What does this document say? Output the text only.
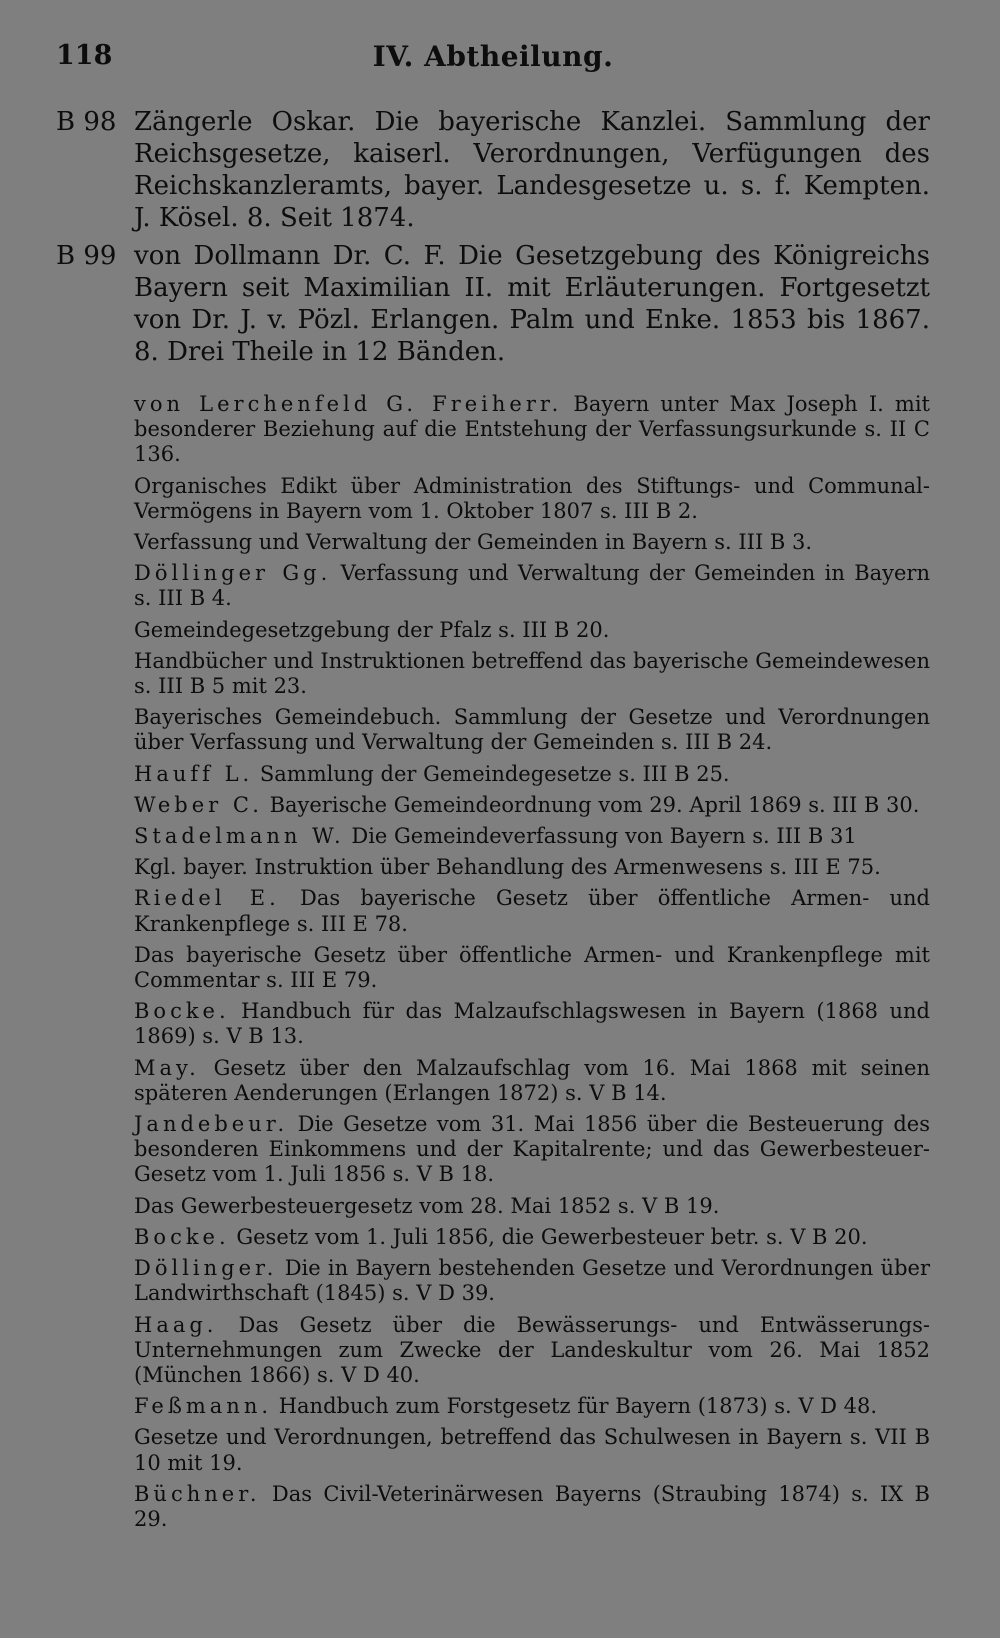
118	IV. Abtheilung.
B 98 Zängerle Oskar. Die bayerische Kanzlei. Sammlung der Reichsgesetze, kaiserl. Verordnungen, Verfügungen des Reichskanzleramts, bayer. Landesgesetze u. s. f. Kempten. J. Kösel. 8. Seit 1874.
B 99 von Dollmann Dr. C. F. Die Gesetzgebung des Königreichs Bayern seit Maximilian II. mit Erläuterungen. Fortgesetzt von Dr. J. v. Pözl. Erlangen. Palm und Enke. 1853 bis 1867. 8. Drei Theile in 12 Bänden.
von Lerchenfeld G. Freiherr. Bayern unter Max Joseph I. mit besonderer Beziehung auf die Entstehung der Verfassungsurkunde s. II C 136.
Organisches Edikt über Administration des Stiftungs- und Communal-Vermögens in Bayern vom 1. Oktober 1807 s. III B 2.
Verfassung und Verwaltung der Gemeinden in Bayern s. III B 3.
Döllinger Gg. Verfassung und Verwaltung der Gemeinden in Bayern s. III B 4.
Gemeindegesetzgebung der Pfalz s. III B 20.
Handbücher und Instruktionen betreffend das bayerische Gemeindewesen s. III B 5 mit 23.
Bayerisches Gemeindebuch. Sammlung der Gesetze und Verordnungen über Verfassung und Verwaltung der Gemeinden s. III B 24.
Hauff L. Sammlung der Gemeindegesetze s. III B 25.
Weber C. Bayerische Gemeindeordnung vom 29. April 1869 s. III B 30.
Stadelmann W. Die Gemeindeverfassung von Bayern s. III B 31
Kgl. bayer. Instruktion über Behandlung des Armenwesens s. III E 75.
Riedel E. Das bayerische Gesetz über öffentliche Armen- und Krankenpflege s. III E 78.
Das bayerische Gesetz über öffentliche Armen- und Krankenpflege mit Commentar s. III E 79.
Bocke. Handbuch für das Malzaufschlagswesen in Bayern (1868 und 1869) s. V B 13.
May. Gesetz über den Malzaufschlag vom 16. Mai 1868 mit seinen späteren Aenderungen (Erlangen 1872) s. V B 14.
Jandebeur. Die Gesetze vom 31. Mai 1856 über die Besteuerung des besonderen Einkommens und der Kapitalrente; und das Gewerbesteuer-Gesetz vom 1. Juli 1856 s. V B 18.
Das Gewerbesteuergesetz vom 28. Mai 1852 s. V B 19.
Bocke. Gesetz vom 1. Juli 1856, die Gewerbesteuer betr. s. V B 20.
Döllinger. Die in Bayern bestehenden Gesetze und Verordnungen über Landwirthschaft (1845) s. V D 39.
Haag. Das Gesetz über die Bewässerungs- und Entwässerungs-Unternehmungen zum Zwecke der Landeskultur vom 26. Mai 1852 (München 1866) s. V D 40.
Feßmann. Handbuch zum Forstgesetz für Bayern (1873) s. V D 48.
Gesetze und Verordnungen, betreffend das Schulwesen in Bayern s. VII B 10 mit 19.
Büchner. Das Civil-Veterinärwesen Bayerns (Straubing 1874) s. IX B 29.
